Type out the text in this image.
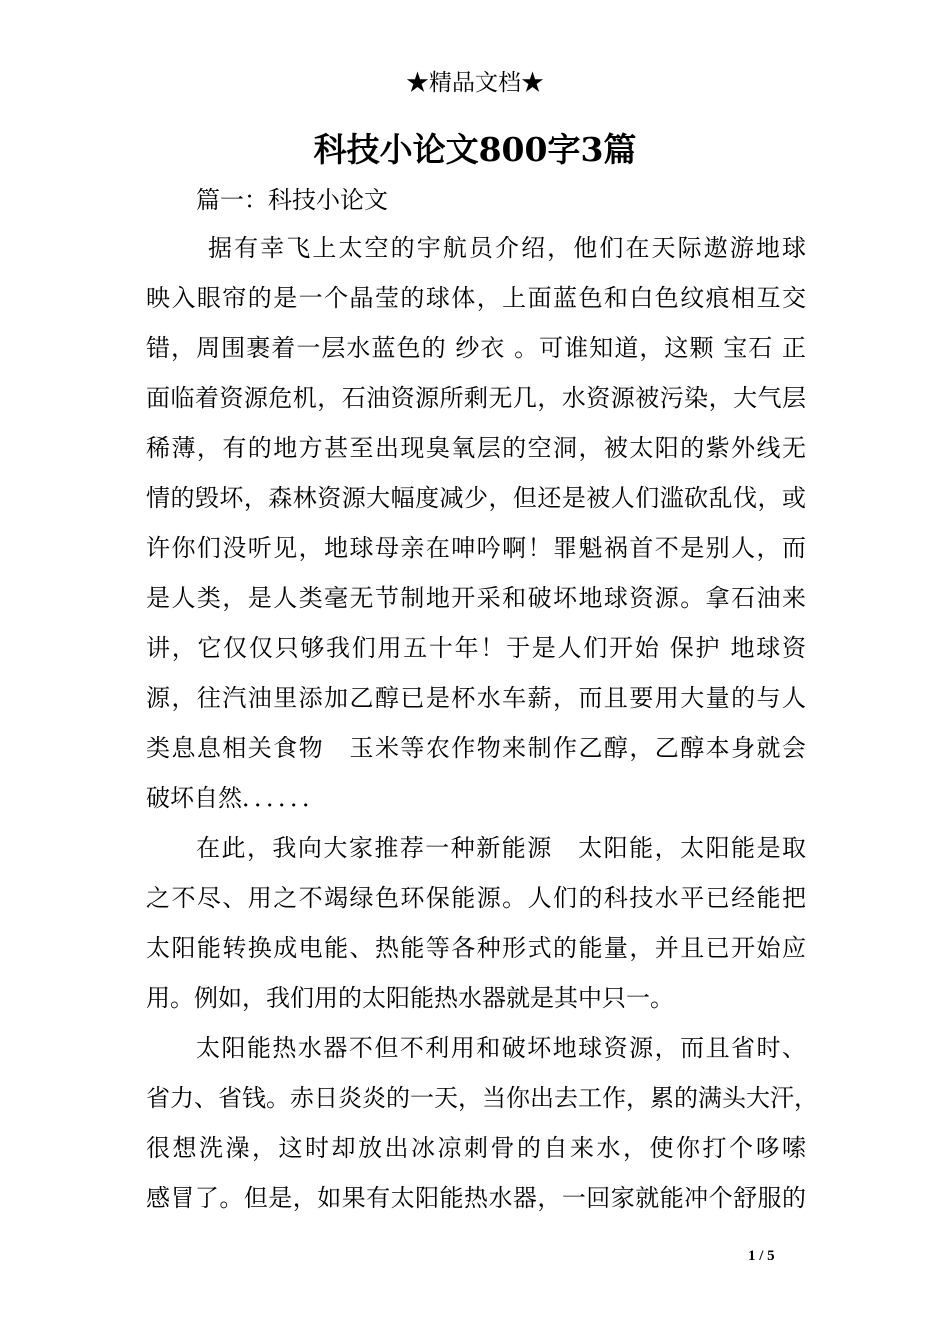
★精品文档★
科技小论文800字3篇
篇一：科技小论文
据有幸飞上太空的宇航员介绍，他们在天际遨游地球
映入眼帘的是一个晶莹的球体，上面蓝色和白色纹痕相互交
错，周围裹着一层水蓝色的 纱衣 。可谁知道，这颗 宝石 正
面临着资源危机，石油资源所剩无几，水资源被污染，大气层
稀薄，有的地方甚至出现臭氧层的空洞，被太阳的紫外线无
情的毁坏，森林资源大幅度减少，但还是被人们滥砍乱伐，或
许你们没听见，地球母亲在呻吟啊！罪魁祸首不是别人，而
是人类，是人类毫无节制地开采和破坏地球资源。拿石油来
讲，它仅仅只够我们用五十年！于是人们开始 保护 地球资
源，往汽油里添加乙醇已是杯水车薪，而且要用大量的与人
类息息相关食物　玉米等农作物来制作乙醇，乙醇本身就会
破坏自然．．．．．．
在此，我向大家推荐一种新能源　太阳能，太阳能是取
之不尽、用之不竭绿色环保能源。人们的科技水平已经能把
太阳能转换成电能、热能等各种形式的能量，并且已开始应
用。例如，我们用的太阳能热水器就是其中只一。
太阳能热水器不但不利用和破坏地球资源，而且省时、
省力、省钱。赤日炎炎的一天，当你出去工作，累的满头大汗，
很想洗澡，这时却放出冰凉刺骨的自来水，使你打个哆嗦
感冒了。但是，如果有太阳能热水器，一回家就能冲个舒服的
1 / 5
